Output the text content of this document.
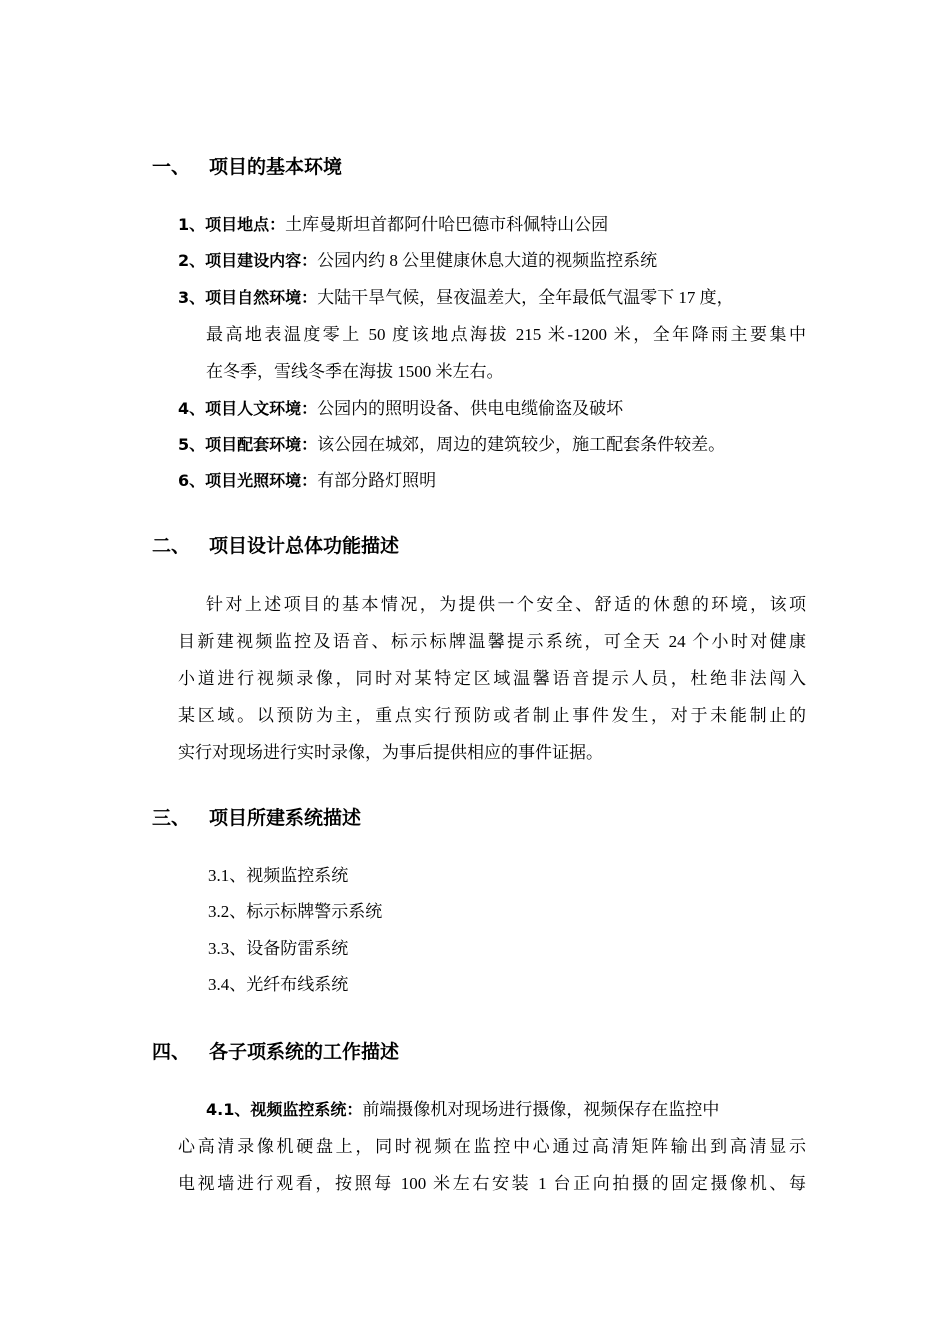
一、 项目的基本环境
1、项目地点：土库曼斯坦首都阿什哈巴德市科佩特山公园
2、项目建设内容：公园内约 8 公里健康休息大道的视频监控系统
3、项目自然环境：大陆干旱气候，昼夜温差大，全年最低气温零下 17 度，
最高地表温度零上 50 度该地点海拔 215 米-1200 米，全年降雨主要集中
在冬季，雪线冬季在海拔 1500 米左右。
4、项目人文环境：公园内的照明设备、供电电缆偷盗及破坏
5、项目配套环境：该公园在城郊，周边的建筑较少，施工配套条件较差。
6、项目光照环境：有部分路灯照明
二、 项目设计总体功能描述
针对上述项目的基本情况，为提供一个安全、舒适的休憩的环境，该项
目新建视频监控及语音、标示标牌温馨提示系统，可全天 24 个小时对健康
小道进行视频录像，同时对某特定区域温馨语音提示人员，杜绝非法闯入
某区域。以预防为主，重点实行预防或者制止事件发生，对于未能制止的
实行对现场进行实时录像，为事后提供相应的事件证据。
三、 项目所建系统描述
3.1、视频监控系统
3.2、标示标牌警示系统
3.3、设备防雷系统
3.4、光纤布线系统
四、 各子项系统的工作描述
4.1、视频监控系统：前端摄像机对现场进行摄像，视频保存在监控中
心高清录像机硬盘上，同时视频在监控中心通过高清矩阵输出到高清显示
电视墙进行观看，按照每 100 米左右安装 1 台正向拍摄的固定摄像机、每
